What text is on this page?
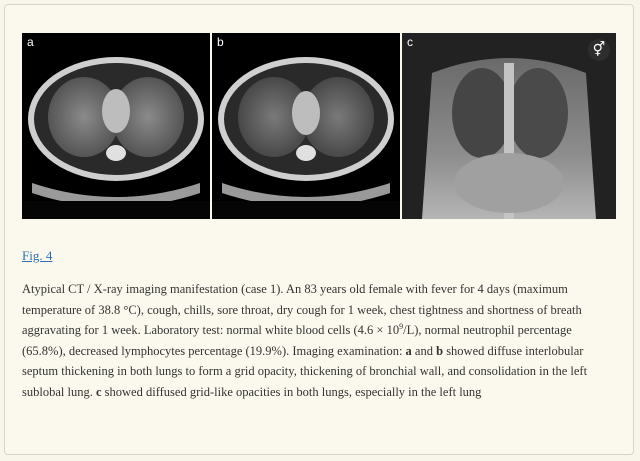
a	b	c	⚥
Fig. 4
Atypical CT / X-ray imaging manifestation (case 1). An 83 years old female with fever for 4 days (maximum temperature of 38.8 °C), cough, chills, sore throat, dry cough for 1 week, chest tightness and shortness of breath aggravating for 1 week. Laboratory test: normal white blood cells $(4.6 \times 10^9/L)$, normal neutrophil percentage (65.8%), decreased lymphocytes percentage (19.9%). Imaging examination: a and b showed diffuse interlobular septum thickening in both lungs to form a grid opacity, thickening of bronchial wall, and consolidation in the left sublobal lung. c showed diffused grid-like opacities in both lungs, especially in the left lung
